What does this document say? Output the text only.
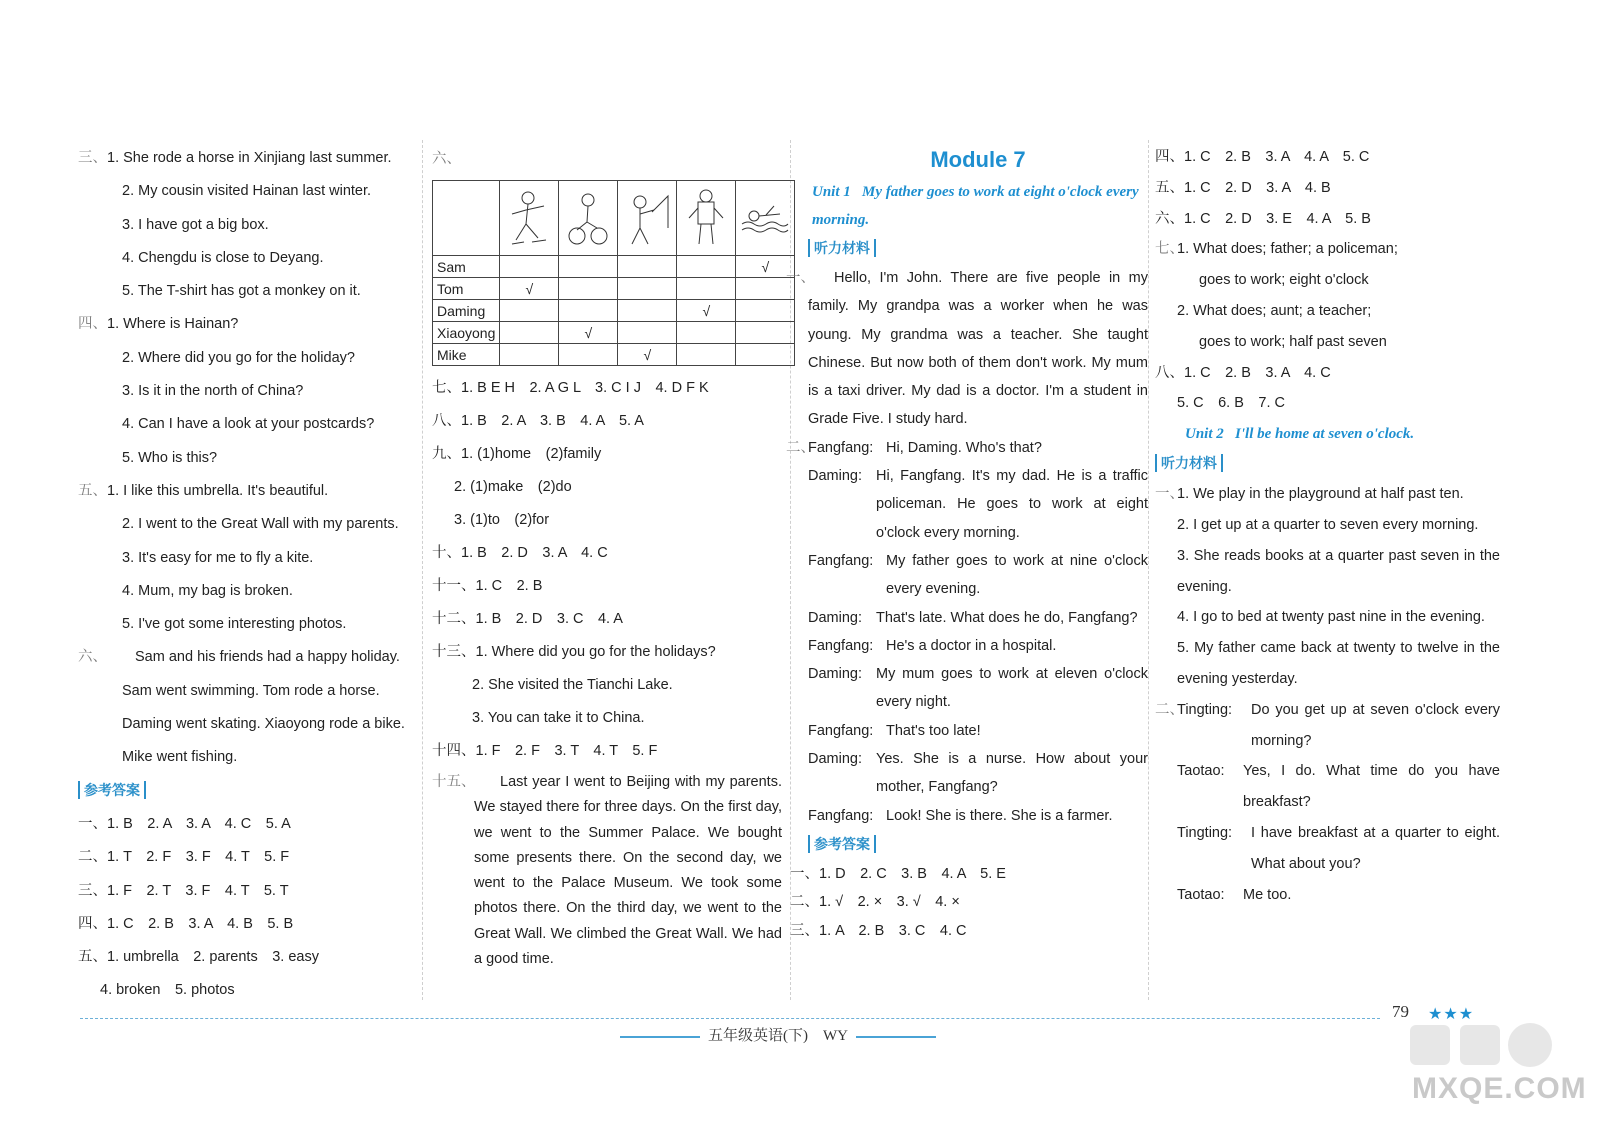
三、1. She rode a horse in Xinjiang last summer.
2. My cousin visited Hainan last winter.
3. I have got a big box.
4. Chengdu is close to Deyang.
5. The T-shirt has got a monkey on it.
四、1. Where is Hainan?
2. Where did you go for the holiday?
3. Is it in the north of China?
4. Can I have a look at your postcards?
5. Who is this?
五、1. I like this umbrella. It's beautiful.
2. I went to the Great Wall with my parents.
3. It's easy for me to fly a kite.
4. Mum, my bag is broken.
5. I've got some interesting photos.
六、 Sam and his friends had a happy holiday.
Sam went swimming. Tom rode a horse.
Daming went skating. Xiaoyong rode a bike.
Mike went fishing.
参考答案
一、1. B　2. A　3. A　4. C　5. A
二、1. T　2. F　3. F　4. T　5. F
三、1. F　2. T　3. F　4. T　5. T
四、1. C　2. B　3. A　4. B　5. B
五、1. umbrella　2. parents　3. easy
4. broken　5. photos
六、

Sam					√
Tom	√				
Daming				√	
Xiaoyong		√			
Mike			√		
七、1. B E H　2. A G L　3. C I J　4. D F K
八、1. B　2. A　3. B　4. A　5. A
九、1. (1)home　(2)family
2. (1)make　(2)do
3. (1)to　(2)for
十、1. B　2. D　3. A　4. C
十一、1. C　2. B
十二、1. B　2. D　3. C　4. A
十三、1. Where did you go for the holidays?
2. She visited the Tianchi Lake.
3. You can take it to China.
十四、1. F　2. F　3. T　4. T　5. F
十五、	Last year I went to Beijing with my parents. We stayed there for three days. On the first day, we went to the Summer Palace. We bought some presents there. On the second day, we went to the Palace Museum. We took some photos there. On the third day, we went to the Great Wall. We climbed the Great Wall. We had a good time.
Module 7
Unit 1 My father goes to work at eight o'clock every morning.
听力材料
一、	Hello, I'm John. There are five people in my family. My grandpa was a worker when he was young. My grandma was a teacher. She taught Chinese. But now both of them don't work. My mum is a taxi driver. My dad is a doctor. I'm a student in Grade Five. I study hard.
二、
Fangfang: Hi, Daming. Who's that?
Daming: Hi, Fangfang. It's my dad. He is a traffic policeman. He goes to work at eight o'clock every morning.
Fangfang: My father goes to work at nine o'clock every evening.
Daming: That's late. What does he do, Fangfang?
Fangfang: He's a doctor in a hospital.
Daming: My mum goes to work at eleven o'clock every night.
Fangfang: That's too late!
Daming: Yes. She is a nurse. How about your mother, Fangfang?
Fangfang: Look! She is there. She is a farmer.
参考答案
一、1. D　2. C　3. B　4. A　5. E
二、1. √　2. ×　3. √　4. ×
三、1. A　2. B　3. C　4. C
四、1. C　2. B　3. A　4. A　5. C
五、1. C　2. D　3. A　4. B
六、1. C　2. D　3. E　4. A　5. B
七、
1. What does; father; a policeman;
goes to work; eight o'clock
2. What does; aunt; a teacher;
goes to work; half past seven
八、1. C　2. B　3. A　4. C
5. C　6. B　7. C
Unit 2 I'll be home at seven o'clock.
听力材料
一、
1. We play in the playground at half past ten.
2. I get up at a quarter to seven every morning.
3. She reads books at a quarter past seven in the evening.
4. I go to bed at twenty past nine in the evening.
5. My father came back at twenty to twelve in the evening yesterday.
二、
Tingting:	Do you get up at seven o'clock every morning?
Taotao:	Yes, I do. What time do you have breakfast?
Tingting:	I have breakfast at a quarter to eight. What about you?
Taotao:	Me too.
79 ★★★
五年级英语(下)　WY
MXQE.COM
